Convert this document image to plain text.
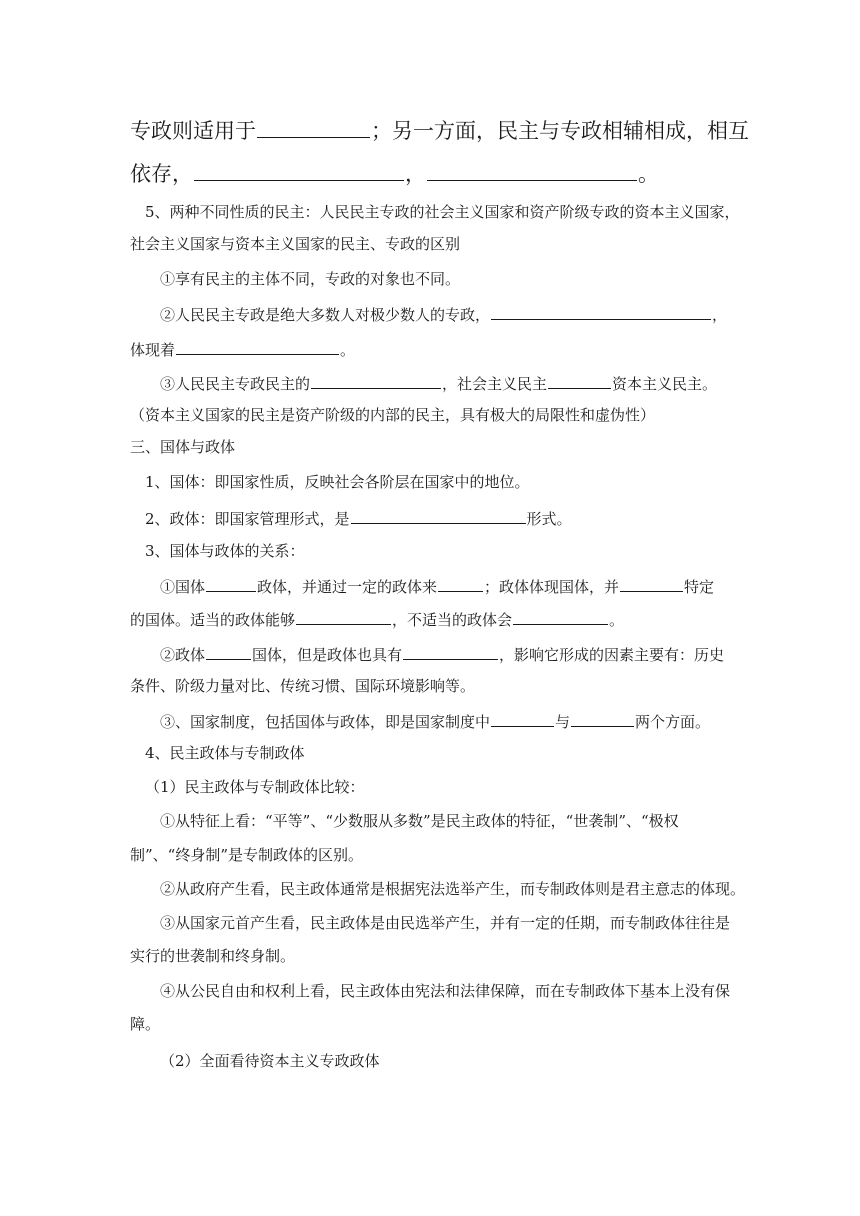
专政则适用于	；另一方面，民主与专政相辅相成，相互
依存，	，	。
5、两种不同性质的民主：人民民主专政的社会主义国家和资产阶级专政的资本主义国家，
社会主义国家与资本主义国家的民主、专政的区别
①享有民主的主体不同，专政的对象也不同。
②人民民主专政是绝大多数人对极少数人的专政，	，
体现着	。
③人民民主专政民主的	，社会主义民主	资本主义民主。
（资本主义国家的民主是资产阶级的内部的民主，具有极大的局限性和虚伪性）
三、国体与政体
1、国体：即国家性质，反映社会各阶层在国家中的地位。
2、政体：即国家管理形式，是	形式。
3、国体与政体的关系：
①国体	政体，并通过一定的政体来	；政体体现国体，并	特定
的国体。适当的政体能够	，不适当的政体会	。
②政体	国体，但是政体也具有	，影响它形成的因素主要有：历史
条件、阶级力量对比、传统习惯、国际环境影响等。
③、国家制度，包括国体与政体，即是国家制度中	与	两个方面。
4、民主政体与专制政体
（1）民主政体与专制政体比较：
①从特征上看：“平等”、“少数服从多数”是民主政体的特征，“世袭制”、“极权
制”、“终身制”是专制政体的区别。
②从政府产生看，民主政体通常是根据宪法选举产生，而专制政体则是君主意志的体现。
③从国家元首产生看，民主政体是由民选举产生，并有一定的任期，而专制政体往往是
实行的世袭制和终身制。
④从公民自由和权利上看，民主政体由宪法和法律保障，而在专制政体下基本上没有保
障。
（2）全面看待资本主义专政政体
